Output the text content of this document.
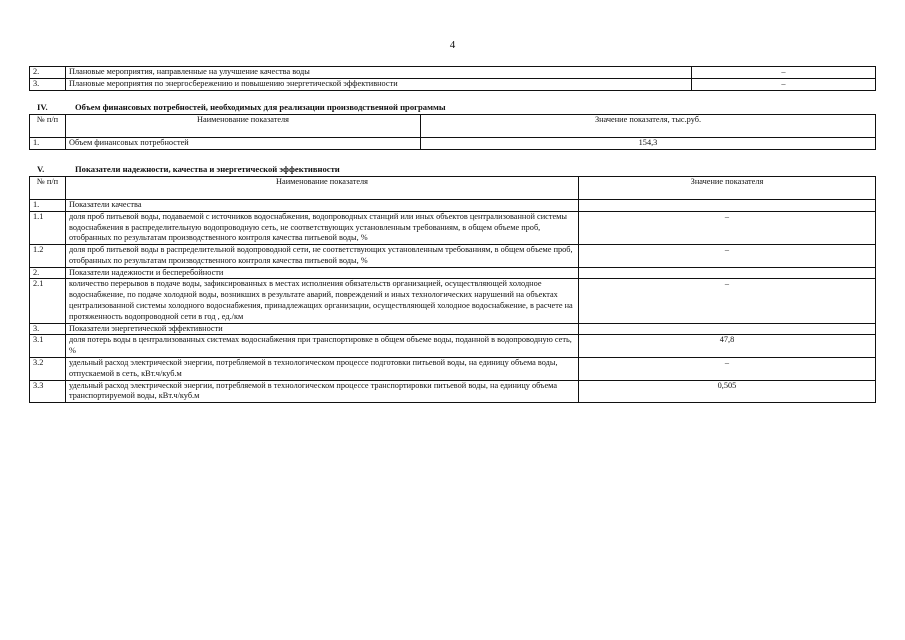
4
2.	Плановые мероприятия, направленные на улучшение качества воды	–
3.	Плановые мероприятия по энергосбережению и повышению энергетической эффективности	–
IV.	Объем финансовых потребностей, необходимых для реализации производственной программы
№ п/п	Наименование показателя	Значение показателя, тыс.руб.
1.	Объем финансовых потребностей	154,3
V.	Показатели надежности, качества и энергетической эффективности
№ п/п	Наименование показателя	Значение показателя
1.	Показатели качества	
1.1	доля проб питьевой воды, подаваемой с источников водоснабжения, водопроводных станций или иных объектов централизованной системы водоснабжения в распределительную водопроводную сеть, не соответствующих установленным требованиям, в общем объеме проб, отобранных по результатам производственного контроля качества питьевой воды, %	–
1.2	доля проб питьевой воды в распределительной водопроводной сети, не соответствующих установленным требованиям, в общем объеме проб, отобранных по результатам производственного контроля качества питьевой воды, %	–
2.	Показатели надежности и бесперебойности	
2.1	количество перерывов в подаче воды, зафиксированных в местах исполнения обязательств организацией, осуществляющей холодное водоснабжение, по подаче холодной воды, возникших в результате аварий, повреждений и иных технологических нарушений на объектах централизованной системы холодного водоснабжения, принадлежащих организации, осуществляющей холодное водоснабжение, в расчете на протяженность водопроводной сети в год , ед./км	–
3.	Показатели энергетической эффективности	
3.1	доля потерь воды в централизованных системах водоснабжения при транспортировке в общем объеме воды, поданной в водопроводную сеть, %	47,8
3.2	удельный расход электрической энергии, потребляемой в технологическом процессе подготовки питьевой воды, на единицу объема воды, отпускаемой в сеть, кВт.ч/куб.м	–
3.3	удельный расход электрической энергии, потребляемой в технологическом процессе транспортировки питьевой воды, на единицу объема транспортируемой воды, кВт.ч/куб.м	0,505
